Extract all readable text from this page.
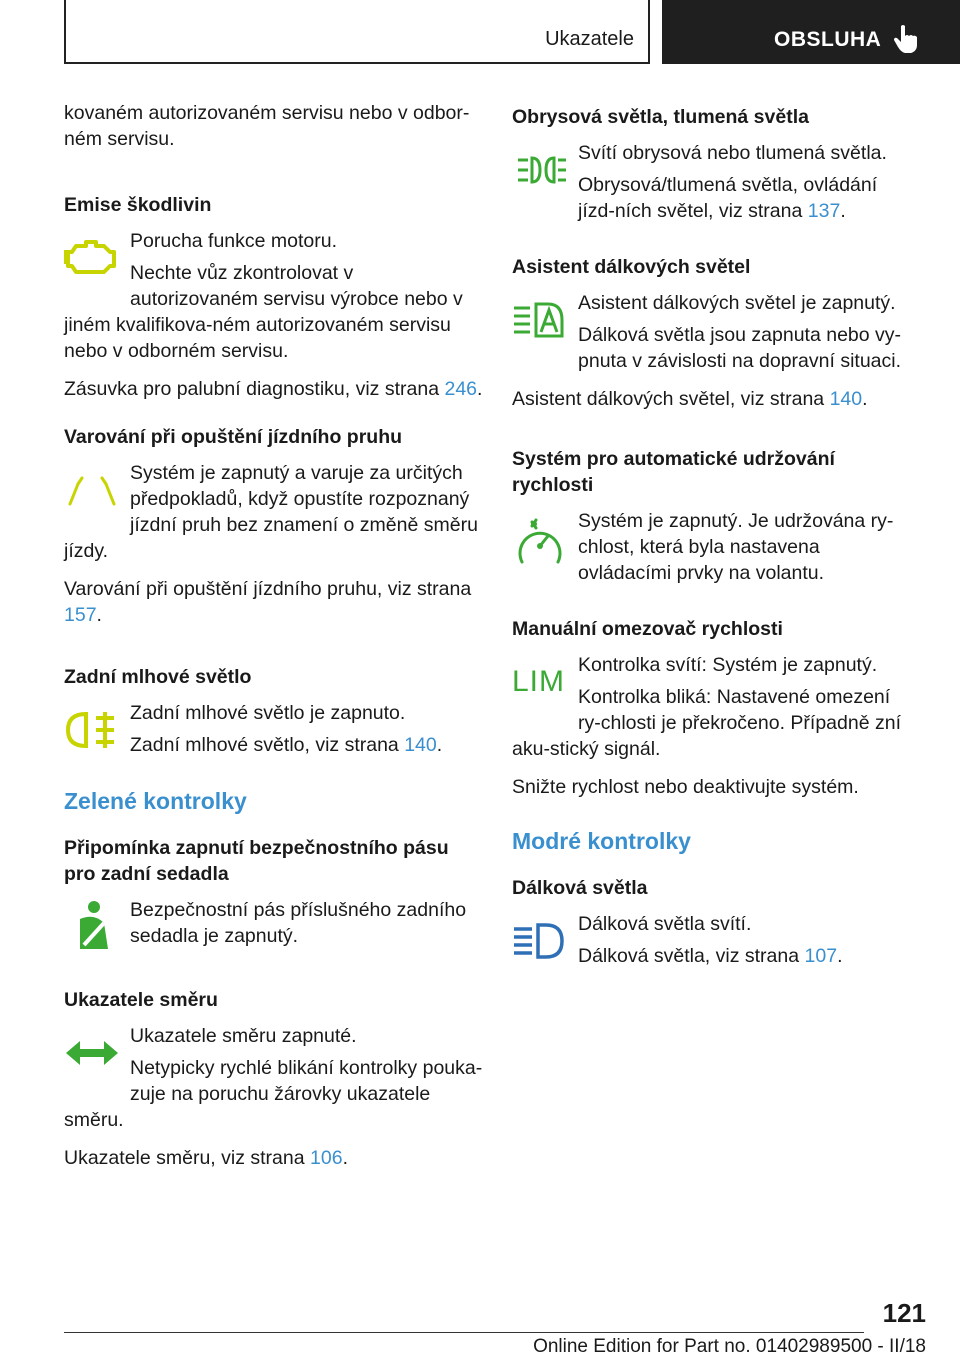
Ukazatele	OBSLUHA

kovaném autorizovaném servisu nebo v odbor-ném servisu.

Emise škodlivin

Porucha funkce motoru.

Nechte vůz zkontrolovat v autorizovaném servisu výrobce nebo v jiném kvalifikova-ném autorizovaném servisu nebo v odborném servisu.

Zásuvka pro palubní diagnostiku, viz strana 246.

Varování při opuštění jízdního pruhu

Systém je zapnutý a varuje za určitých předpokladů, když opustíte rozpoznaný jízdní pruh bez znamení o změně směru jízdy.

Varování při opuštění jízdního pruhu, viz strana 157.

Zadní mlhové světlo

Zadní mlhové světlo je zapnuto.

Zadní mlhové světlo, viz strana 140.

Zelené kontrolky
Připomínka zapnutí bezpečnostního pásu pro zadní sedadla

Bezpečnostní pás příslušného zadního sedadla je zapnutý.

Ukazatele směru

Ukazatele směru zapnuté.

Netypicky rychlé blikání kontrolky pouka-zuje na poruchu žárovky ukazatele směru.

Ukazatele směru, viz strana 106.

Obrysová světla, tlumená světla

Svítí obrysová nebo tlumená světla.

Obrysová/tlumená světla, ovládání jízd-ních světel, viz strana 137.

Asistent dálkových světel

Asistent dálkových světel je zapnutý.

Dálková světla jsou zapnuta nebo vy-pnuta v závislosti na dopravní situaci.

Asistent dálkových světel, viz strana 140.

Systém pro automatické udržování rychlosti

Systém je zapnutý. Je udržována ry-chlost, která byla nastavena ovládacími prvky na volantu.

Manuální omezovač rychlosti
LIM Kontrolka svítí: Systém je zapnutý.

Kontrolka bliká: Nastavené omezení ry-chlosti je překročeno. Případně zní aku-stický signál.

Snižte rychlost nebo deaktivujte systém.

Modré kontrolky
Dálková světla

Dálková světla svítí.

Dálková světla, viz strana 107.

121
Online Edition for Part no. 01402989500 - II/18
